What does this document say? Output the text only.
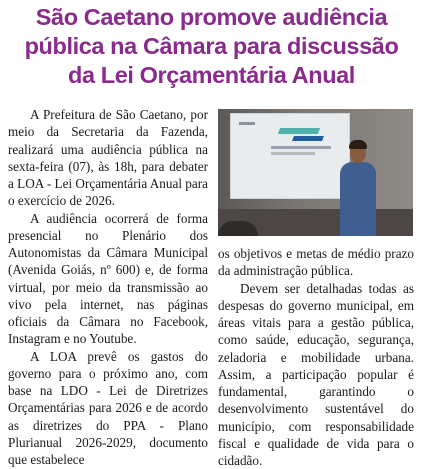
São Caetano promove audiência
pública na Câmara para discussão
da Lei Orçamentária Anual

A Prefeitura de São Caetano, por meio da Secretaria da Fazenda, realizará uma audiência pública na sexta-feira (07), às 18h, para debater a LOA - Lei Orçamentária Anual para o exercício de 2026.

A audiência ocorrerá de forma presencial no Plenário dos Autonomistas da Câmara Municipal (Avenida Goiás, nº 600) e, de forma virtual, por meio da transmissão ao vivo pela internet, nas páginas oficiais da Câmara no Facebook, Instagram e no Youtube.

A LOA prevê os gastos do governo para o próximo ano, com base na LDO - Lei de Diretrizes Orçamentárias para 2026 e de acordo as diretrizes do PPA - Plano Plurianual 2026-2029, documento que estabelece

os objetivos e metas de médio prazo da administração pública.

Devem ser detalhadas todas as despesas do governo municipal, em áreas vitais para a gestão pública, como saúde, educação, segurança, zeladoria e mobilidade urbana. Assim, a participação popular é fundamental, garantindo o desenvolvimento sustentável do município, com responsabilidade fiscal e qualidade de vida para o cidadão.
